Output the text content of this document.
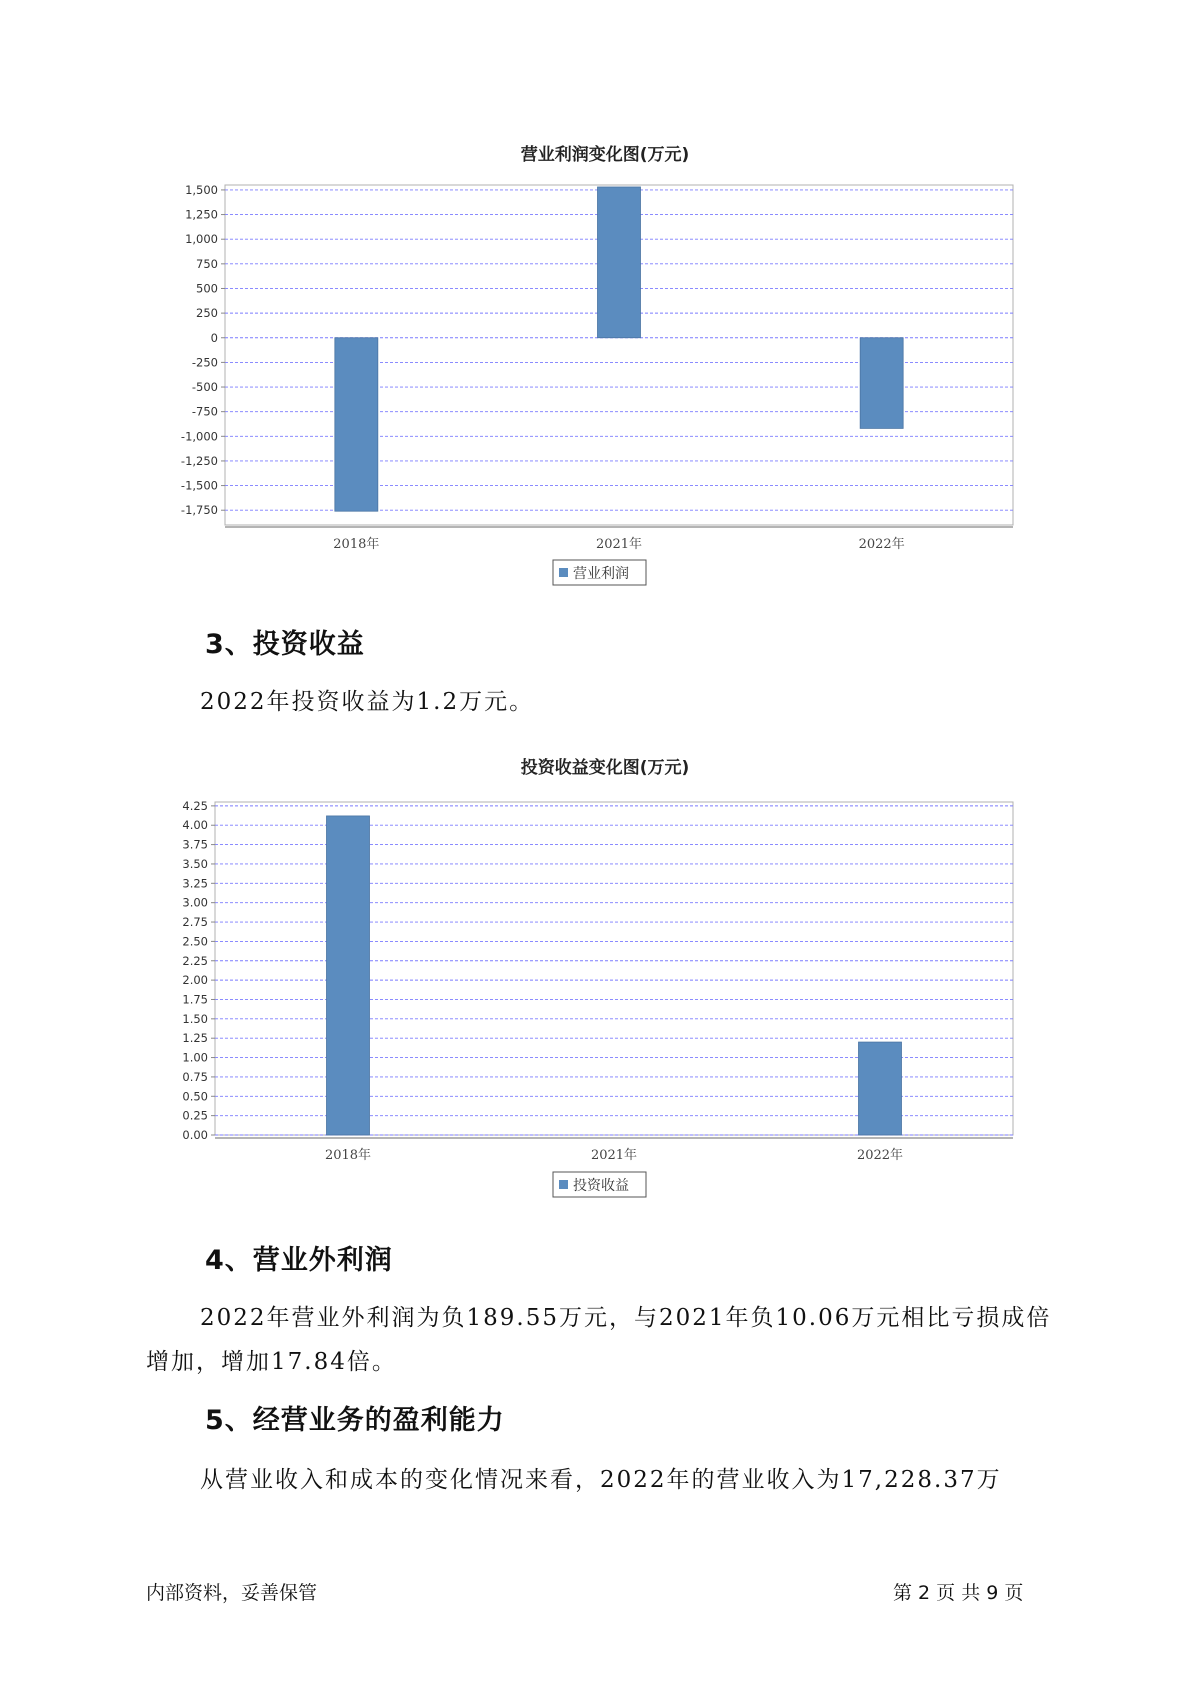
营业利润变化图(万元)
1,500
1,250
1,000
750
500
250
0
-250
-500
-750
-1,000
-1,250
-1,500
-1,750
2018年	2021年	2022年
营业利润
3、投资收益

2022年投资收益为1.2万元。

投资收益变化图(万元)
4.25
4.00
3.75
3.50
3.25
3.00
2.75
2.50
2.25
2.00
1.75
1.50
1.25
1.00
0.75
0.50
0.25
0.00
2018年	2021年	2022年
投资收益
4、营业外利润

2022年营业外利润为负189.55万元，与2021年负10.06万元相比亏损成倍增加，增加17.84倍。

5、经营业务的盈利能力

从营业收入和成本的变化情况来看，2022年的营业收入为17,228.37万

内部资料，妥善保管	第 2 页 共 9 页
